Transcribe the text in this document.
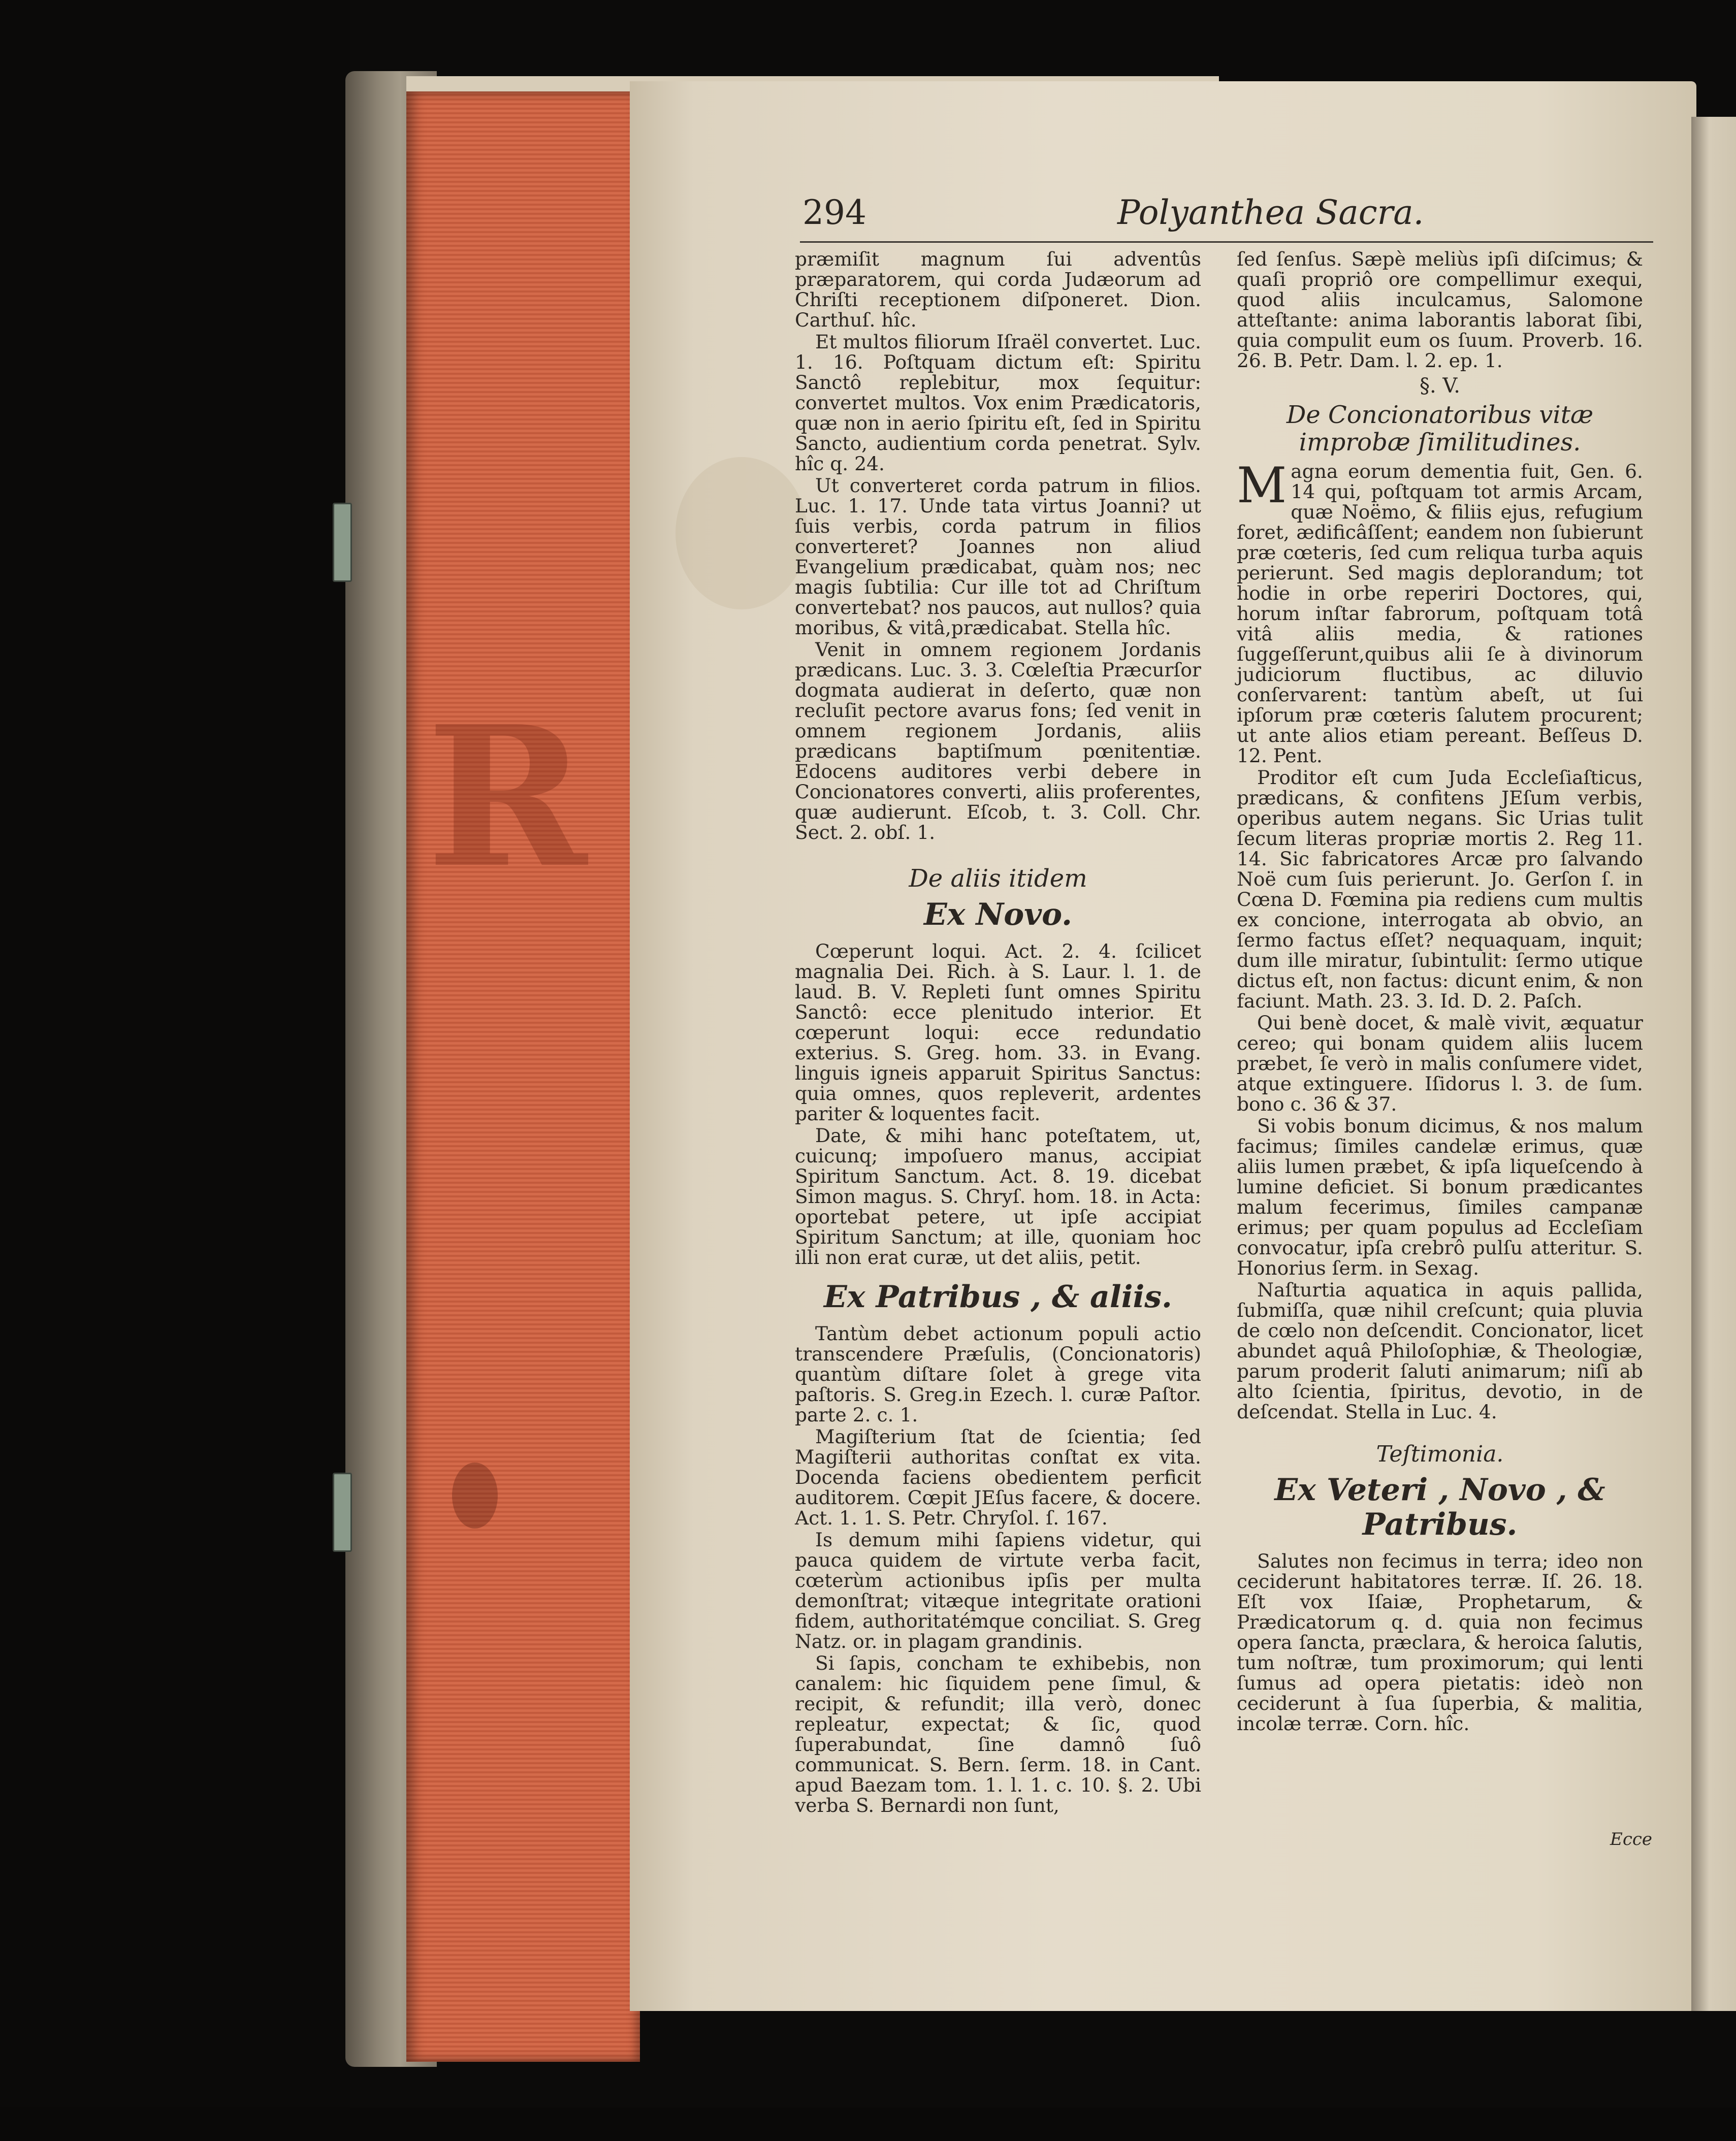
R
294	Polyanthea Sacra.

præmiſit magnum ſui adventûs præparatorem, qui corda Judæorum ad Chriſti receptionem diſponeret. Dion. Carthuſ. hîc.

Et multos filiorum Iſraël convertet. Luc. 1. 16. Poſtquam dictum eſt: Spiritu Sanctô replebitur, mox ſequitur: convertet multos. Vox enim Prædicatoris, quæ non in aerio ſpiritu eſt, ſed in Spiritu Sancto, audientium corda penetrat. Sylv. hîc q. 24.

Ut converteret corda patrum in filios. Luc. 1. 17. Unde tata virtus Joanni? ut ſuis verbis, corda patrum in filios converteret? Joannes non aliud Evangelium prædicabat, quàm nos; nec magis ſubtilia: Cur ille tot ad Chriſtum convertebat? nos paucos, aut nullos? quia moribus, & vitâ,prædicabat. Stella hîc.

Venit in omnem regionem Jordanis prædicans. Luc. 3. 3. Cœleſtia Præcurſor dogmata audierat in deſerto, quæ non recluſit pectore avarus fons; ſed venit in omnem regionem Jordanis, aliis prædicans baptiſmum pœnitentiæ. Edocens auditores verbi debere in Concionatores converti, aliis proferentes, quæ audierunt. Eſcob, t. 3. Coll. Chr. Sect. 2. obſ. 1.

De aliis itidem
Ex Novo.

Cœperunt loqui. Act. 2. 4. ſcilicet magnalia Dei. Rich. à S. Laur. l. 1. de laud. B. V. Repleti ſunt omnes Spiritu Sanctô: ecce plenitudo interior. Et cœperunt loqui: ecce redundatio exterius. S. Greg. hom. 33. in Evang. linguis igneis apparuit Spiritus Sanctus: quia omnes, quos repleverit, ardentes pariter & loquentes facit.

Date, & mihi hanc poteſtatem, ut, cuicunq; impoſuero manus, accipiat Spiritum Sanctum. Act. 8. 19. dicebat Simon magus. S. Chryſ. hom. 18. in Acta: oportebat petere, ut ipſe accipiat Spiritum Sanctum; at ille, quoniam hoc illi non erat curæ, ut det aliis, petit.

Ex Patribus , & aliis.

Tantùm debet actionum populi actio transcendere Præſulis, (Concionatoris) quantùm diſtare ſolet à grege vita paſtoris. S. Greg.in Ezech. l. curæ Paſtor. parte 2. c. 1.

Magiſterium ſtat de ſcientia; ſed Magiſterii authoritas conſtat ex vita. Docenda faciens obedientem perficit auditorem. Cœpit JEſus facere, & docere. Act. 1. 1. S. Petr. Chryſol. ſ. 167.

Is demum mihi ſapiens videtur, qui pauca quidem de virtute verba facit, cœterùm actionibus ipſis per multa demonſtrat; vitæque integritate orationi fidem, authoritatémque conciliat. S. Greg Natz. or. in plagam grandinis.

Si ſapis, concham te exhibebis, non canalem: hic ſiquidem pene ſimul, & recipit, & refundit; illa verò, donec repleatur, expectat; & ſic, quod ſuperabundat, ſine damnô ſuô communicat. S. Bern. ſerm. 18. in Cant. apud Baezam tom. 1. l. 1. c. 10. §. 2. Ubi verba S. Bernardi non ſunt,

ſed ſenſus. Sæpè meliùs ipſi diſcimus; & quaſi propriô ore compellimur exequi, quod aliis inculcamus, Salomone atteſtante: anima laborantis laborat ſibi, quia compulit eum os ſuum. Proverb. 16. 26. B. Petr. Dam. l. 2. ep. 1.

§. V.
De Concionatoribus vitæ improbæ ſimilitudines.

Magna eorum dementia fuit, Gen. 6. 14 qui, poſtquam tot armis Arcam, quæ Noëmo, & filiis ejus, refugium foret, ædificâſſent; eandem non ſubierunt præ cœteris, ſed cum reliqua turba aquis perierunt. Sed magis deplorandum; tot hodie in orbe reperiri Doctores, qui, horum inſtar fabrorum, poſtquam totâ vitâ aliis media, & rationes ſuggeſſerunt,quibus alii ſe à divinorum judiciorum fluctibus, ac diluvio conſervarent: tantùm abeſt, ut ſui ipſorum præ cœteris ſalutem procurent; ut ante alios etiam pereant. Beſſeus D. 12. Pent.

Proditor eſt cum Juda Eccleſiaſticus, prædicans, & confitens JEſum verbis, operibus autem negans. Sic Urias tulit ſecum literas propriæ mortis 2. Reg 11. 14. Sic fabricatores Arcæ pro ſalvando Noë cum ſuis perierunt. Jo. Gerſon ſ. in Cœna D. Fœmina pia rediens cum multis ex concione, interrogata ab obvio, an ſermo factus eſſet? nequaquam, inquit; dum ille miratur, ſubintulit: ſermo utique dictus eſt, non factus: dicunt enim, & non faciunt. Math. 23. 3. Id. D. 2. Paſch.

Qui benè docet, & malè vivit, æquatur cereo; qui bonam quidem aliis lucem præbet, ſe verò in malis conſumere videt, atque extinguere. Iſidorus l. 3. de ſum. bono c. 36 & 37.

Si vobis bonum dicimus, & nos malum facimus; ſimiles candelæ erimus, quæ aliis lumen præbet, & ipſa liqueſcendo à lumine deficiet. Si bonum prædicantes malum fecerimus, ſimiles campanæ erimus; per quam populus ad Eccleſiam convocatur, ipſa crebrô pulſu atteritur. S. Honorius ſerm. in Sexag.

Naſturtia aquatica in aquis pallida, ſubmiſſa, quæ nihil creſcunt; quia pluvia de cœlo non deſcendit. Concionator, licet abundet aquâ Philoſophiæ, & Theologiæ, parum proderit ſaluti animarum; niſi ab alto ſcientia, ſpiritus, devotio, in de deſcendat. Stella in Luc. 4.

Teſtimonia.
Ex Veteri , Novo , & Patribus.

Salutes non fecimus in terra; ideo non ceciderunt habitatores terræ. Iſ. 26. 18. Eſt vox Iſaiæ, Prophetarum, & Prædicatorum q. d. quia non fecimus opera ſancta, præclara, & heroica ſalutis, tum noſtræ, tum proximorum; qui lenti ſumus ad opera pietatis: ideò non ceciderunt à ſua ſuperbia, & malitia, incolæ terræ. Corn. hîc.

Ecce
